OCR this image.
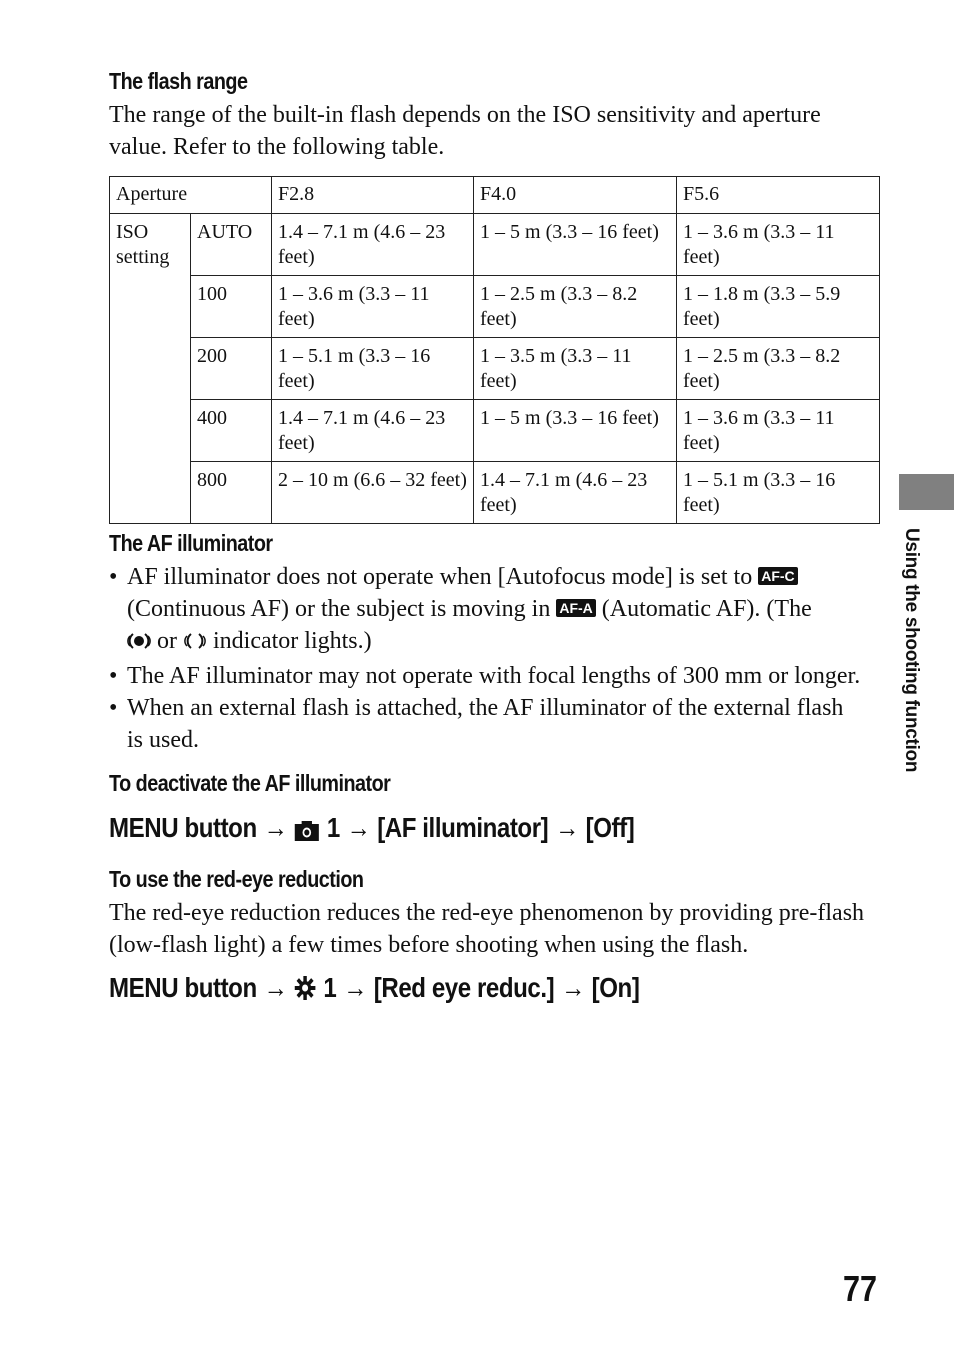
The flash range
The range of the built-in flash depends on the ISO sensitivity and aperture value. Refer to the following table.
Aperture		F2.8	F4.0	F5.6
ISO setting	AUTO	1.4 – 7.1 m (4.6 – 23 feet)	1 – 5 m (3.3 – 16 feet)	1 – 3.6 m (3.3 – 11 feet)
	100	1 – 3.6 m (3.3 – 11 feet)	1 – 2.5 m (3.3 – 8.2 feet)	1 – 1.8 m (3.3 – 5.9 feet)
	200	1 – 5.1 m (3.3 – 16 feet)	1 – 3.5 m (3.3 – 11 feet)	1 – 2.5 m (3.3 – 8.2 feet)
	400	1.4 – 7.1 m (4.6 – 23 feet)	1 – 5 m (3.3 – 16 feet)	1 – 3.6 m (3.3 – 11 feet)
	800	2 – 10 m (6.6 – 32 feet)	1.4 – 7.1 m (4.6 – 23 feet)	1 – 5.1 m (3.3 – 16 feet)
The AF illuminator
• AF illuminator does not operate when [Autofocus mode] is set to AF-C
(Continuous AF) or the subject is moving in AF-A (Automatic AF). (The
or indicator lights.)
• The AF illuminator may not operate with focal lengths of 300 mm or longer.
• When an external flash is attached, the AF illuminator of the external flash is used.
To deactivate the AF illuminator
MENU button → 1 → [AF illuminator] → [Off]
To use the red-eye reduction
The red-eye reduction reduces the red-eye phenomenon by providing pre-flash (low-flash light) a few times before shooting when using the flash.
MENU button → 1 → [Red eye reduc.] → [On]
Using the shooting function
77
